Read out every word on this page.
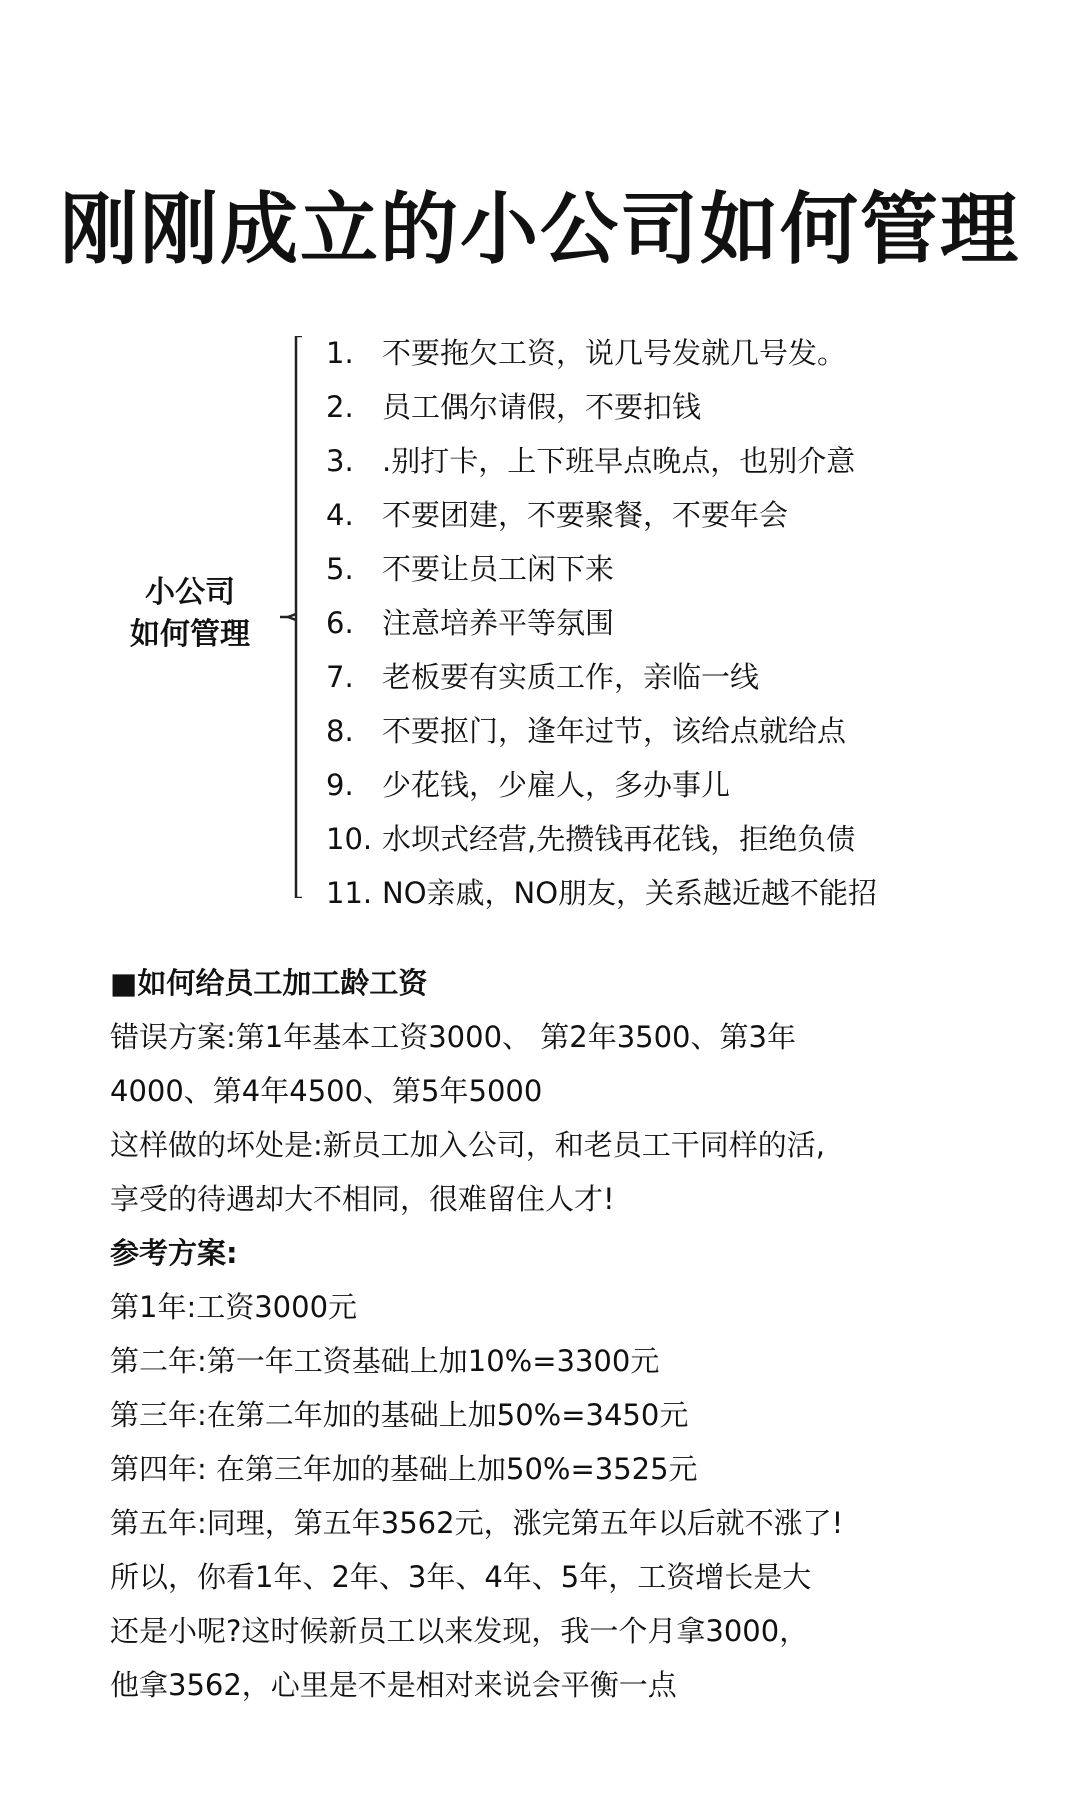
刚刚成立的小公司如何管理
小公司
如何管理
1. 不要拖欠工资，说几号发就几号发。
2. 员工偶尔请假，不要扣钱
3. .别打卡，上下班早点晚点，也别介意
4. 不要团建，不要聚餐，不要年会
5. 不要让员工闲下来
6. 注意培养平等氛围
7. 老板要有实质工作，亲临一线
8. 不要抠门，逢年过节，该给点就给点
9. 少花钱，少雇人，多办事儿
10. 水坝式经营,先攒钱再花钱，拒绝负债
11. NO亲戚，NO朋友，关系越近越不能招

■如何给员工加工龄工资

错误方案:第1年基本工资3000、 第2年3500、第3年

4000、第4年4500、第5年5000

这样做的坏处是:新员工加入公司，和老员工干同样的活,

享受的待遇却大不相同，很难留住人才!

参考方案:

第1年:工资3000元

第二年:第一年工资基础上加10%=3300元

第三年:在第二年加的基础上加50%=3450元

第四年: 在第三年加的基础上加50%=3525元

第五年:同理，第五年3562元，涨完第五年以后就不涨了!

所以，你看1年、2年、3年、4年、5年，工资增长是大

还是小呢?这时候新员工以来发现，我一个月拿3000，

他拿3562，心里是不是相对来说会平衡一点
